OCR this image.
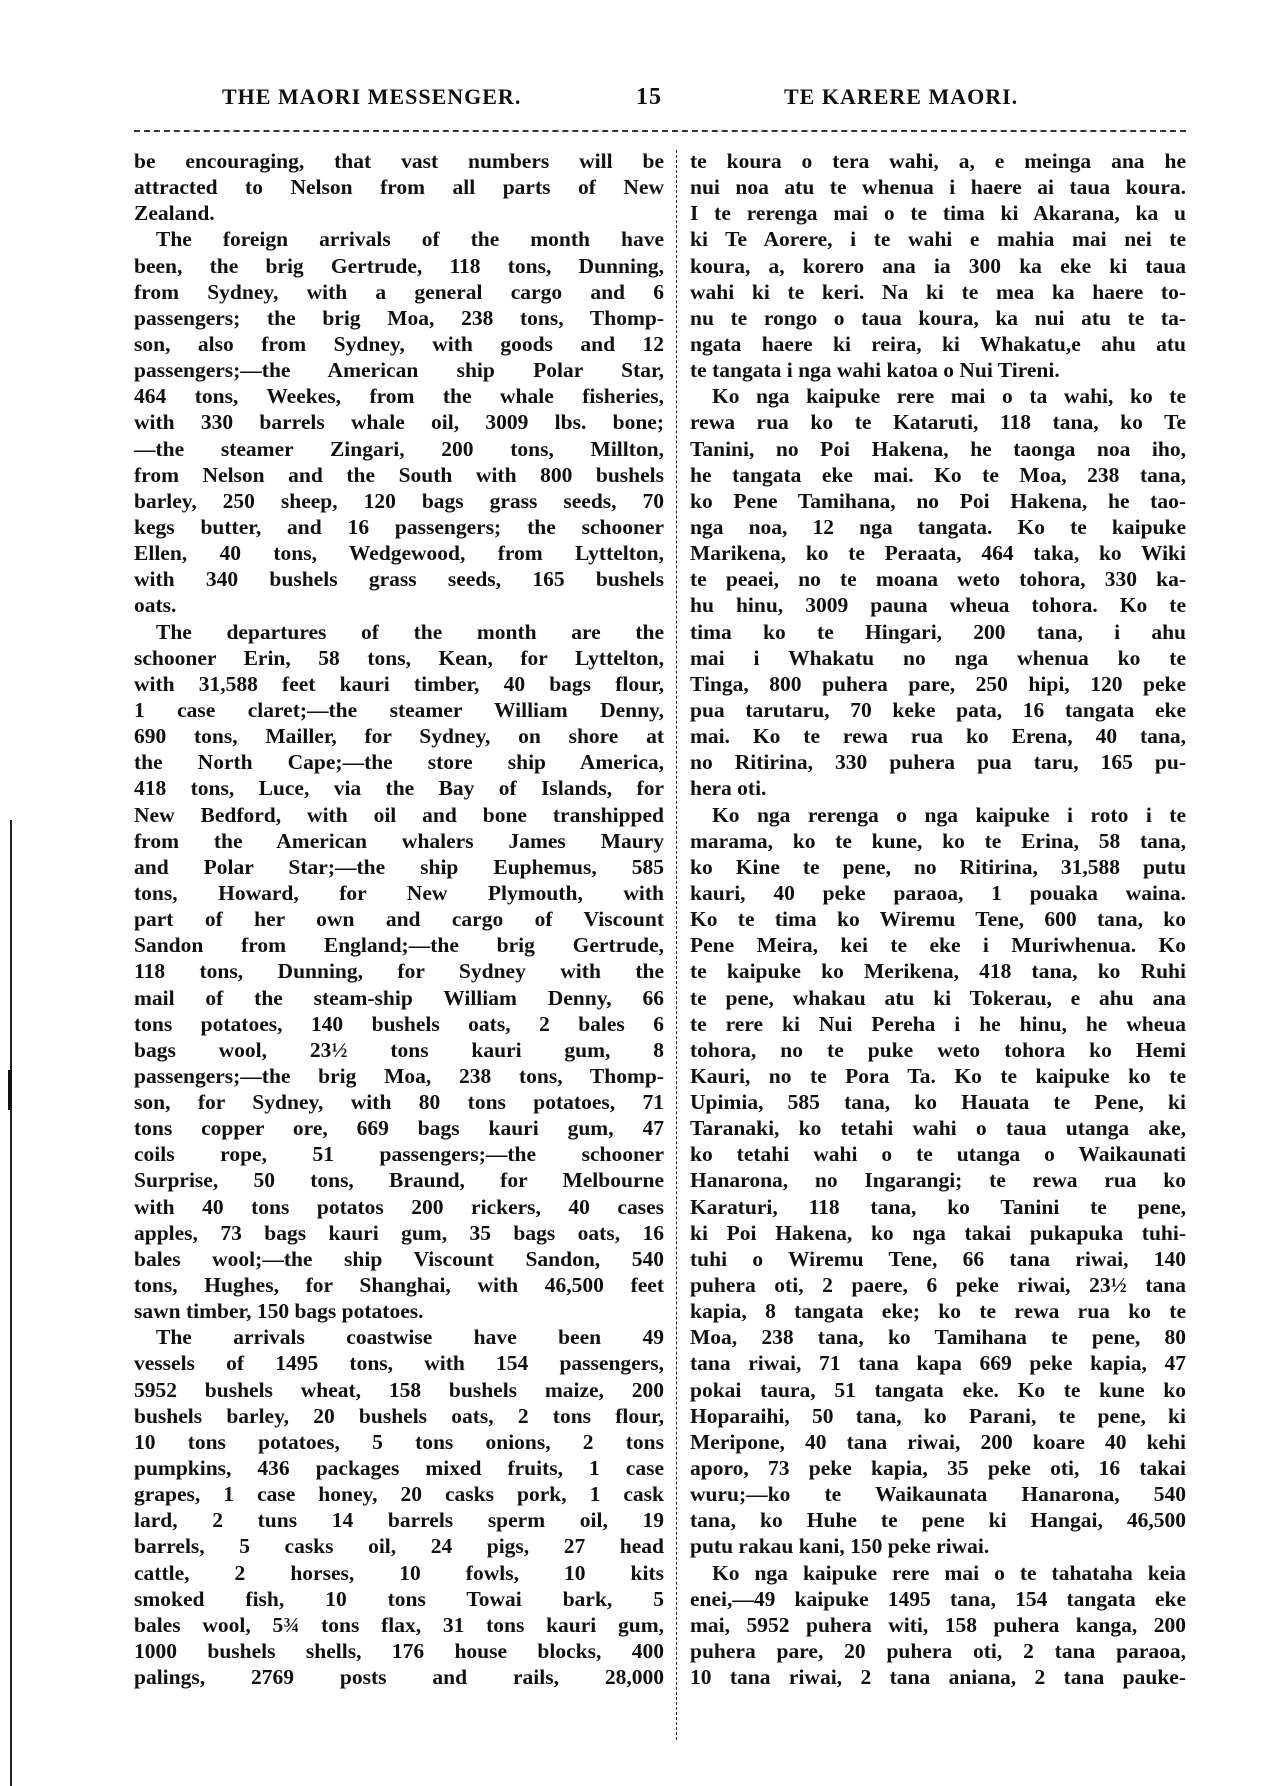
THE MAORI MESSENGER.	15	TE KARERE MAORI.
be encouraging, that vast numbers will be
attracted to Nelson from all parts of New
Zealand.
The foreign arrivals of the month have
been, the brig Gertrude, 118 tons, Dunning,
from Sydney, with a general cargo and 6
passengers; the brig Moa, 238 tons, Thomp-
son, also from Sydney, with goods and 12
passengers;—the American ship Polar Star,
464 tons, Weekes, from the whale fisheries,
with 330 barrels whale oil, 3009 lbs. bone;
—the steamer Zingari, 200 tons, Millton,
from Nelson and the South with 800 bushels
barley, 250 sheep, 120 bags grass seeds, 70
kegs butter, and 16 passengers; the schooner
Ellen, 40 tons, Wedgewood, from Lyttelton,
with 340 bushels grass seeds, 165 bushels
oats.
The departures of the month are the
schooner Erin, 58 tons, Kean, for Lyttelton,
with 31,588 feet kauri timber, 40 bags flour,
1 case claret;—the steamer William Denny,
690 tons, Mailler, for Sydney, on shore at
the North Cape;—the store ship America,
418 tons, Luce, via the Bay of Islands, for
New Bedford, with oil and bone transhipped
from the American whalers James Maury
and Polar Star;—the ship Euphemus, 585
tons, Howard, for New Plymouth, with
part of her own and cargo of Viscount
Sandon from England;—the brig Gertrude,
118 tons, Dunning, for Sydney with the
mail of the steam-ship William Denny, 66
tons potatoes, 140 bushels oats, 2 bales 6
bags wool, 23½ tons kauri gum, 8
passengers;—the brig Moa, 238 tons, Thomp-
son, for Sydney, with 80 tons potatoes, 71
tons copper ore, 669 bags kauri gum, 47
coils rope, 51 passengers;—the schooner
Surprise, 50 tons, Braund, for Melbourne
with 40 tons potatos 200 rickers, 40 cases
apples, 73 bags kauri gum, 35 bags oats, 16
bales wool;—the ship Viscount Sandon, 540
tons, Hughes, for Shanghai, with 46,500 feet
sawn timber, 150 bags potatoes.
The arrivals coastwise have been 49
vessels of 1495 tons, with 154 passengers,
5952 bushels wheat, 158 bushels maize, 200
bushels barley, 20 bushels oats, 2 tons flour,
10 tons potatoes, 5 tons onions, 2 tons
pumpkins, 436 packages mixed fruits, 1 case
grapes, 1 case honey, 20 casks pork, 1 cask
lard, 2 tuns 14 barrels sperm oil, 19
barrels, 5 casks oil, 24 pigs, 27 head
cattle, 2 horses, 10 fowls, 10 kits
smoked fish, 10 tons Towai bark, 5
bales wool, 5¾ tons flax, 31 tons kauri gum,
1000 bushels shells, 176 house blocks, 400
palings, 2769 posts and rails, 28,000
te koura o tera wahi, a, e meinga ana he
nui noa atu te whenua i haere ai taua koura.
I te rerenga mai o te tima ki Akarana, ka u
ki Te Aorere, i te wahi e mahia mai nei te
koura, a, korero ana ia 300 ka eke ki taua
wahi ki te keri. Na ki te mea ka haere to-
nu te rongo o taua koura, ka nui atu te ta-
ngata haere ki reira, ki Whakatu,e ahu atu
te tangata i nga wahi katoa o Nui Tireni.
Ko nga kaipuke rere mai o ta wahi, ko te
rewa rua ko te Kataruti, 118 tana, ko Te
Tanini, no Poi Hakena, he taonga noa iho,
he tangata eke mai. Ko te Moa, 238 tana,
ko Pene Tamihana, no Poi Hakena, he tao-
nga noa, 12 nga tangata. Ko te kaipuke
Marikena, ko te Peraata, 464 taka, ko Wiki
te peaei, no te moana weto tohora, 330 ka-
hu hinu, 3009 pauna wheua tohora. Ko te
tima ko te Hingari, 200 tana, i ahu
mai i Whakatu no nga whenua ko te
Tinga, 800 puhera pare, 250 hipi, 120 peke
pua tarutaru, 70 keke pata, 16 tangata eke
mai. Ko te rewa rua ko Erena, 40 tana,
no Ritirina, 330 puhera pua taru, 165 pu-
hera oti.
Ko nga rerenga o nga kaipuke i roto i te
marama, ko te kune, ko te Erina, 58 tana,
ko Kine te pene, no Ritirina, 31,588 putu
kauri, 40 peke paraoa, 1 pouaka waina.
Ko te tima ko Wiremu Tene, 600 tana, ko
Pene Meira, kei te eke i Muriwhenua. Ko
te kaipuke ko Merikena, 418 tana, ko Ruhi
te pene, whakau atu ki Tokerau, e ahu ana
te rere ki Nui Pereha i he hinu, he wheua
tohora, no te puke weto tohora ko Hemi
Kauri, no te Pora Ta. Ko te kaipuke ko te
Upimia, 585 tana, ko Hauata te Pene, ki
Taranaki, ko tetahi wahi o taua utanga ake,
ko tetahi wahi o te utanga o Waikaunati
Hanarona, no Ingarangi; te rewa rua ko
Karaturi, 118 tana, ko Tanini te pene,
ki Poi Hakena, ko nga takai pukapuka tuhi-
tuhi o Wiremu Tene, 66 tana riwai, 140
puhera oti, 2 paere, 6 peke riwai, 23½ tana
kapia, 8 tangata eke; ko te rewa rua ko te
Moa, 238 tana, ko Tamihana te pene, 80
tana riwai, 71 tana kapa 669 peke kapia, 47
pokai taura, 51 tangata eke. Ko te kune ko
Hoparaihi, 50 tana, ko Parani, te pene, ki
Meripone, 40 tana riwai, 200 koare 40 kehi
aporo, 73 peke kapia, 35 peke oti, 16 takai
wuru;—ko te Waikaunata Hanarona, 540
tana, ko Huhe te pene ki Hangai, 46,500
putu rakau kani, 150 peke riwai.
Ko nga kaipuke rere mai o te tahataha keia
enei,—49 kaipuke 1495 tana, 154 tangata eke
mai, 5952 puhera witi, 158 puhera kanga, 200
puhera pare, 20 puhera oti, 2 tana paraoa,
10 tana riwai, 2 tana aniana, 2 tana pauke-
